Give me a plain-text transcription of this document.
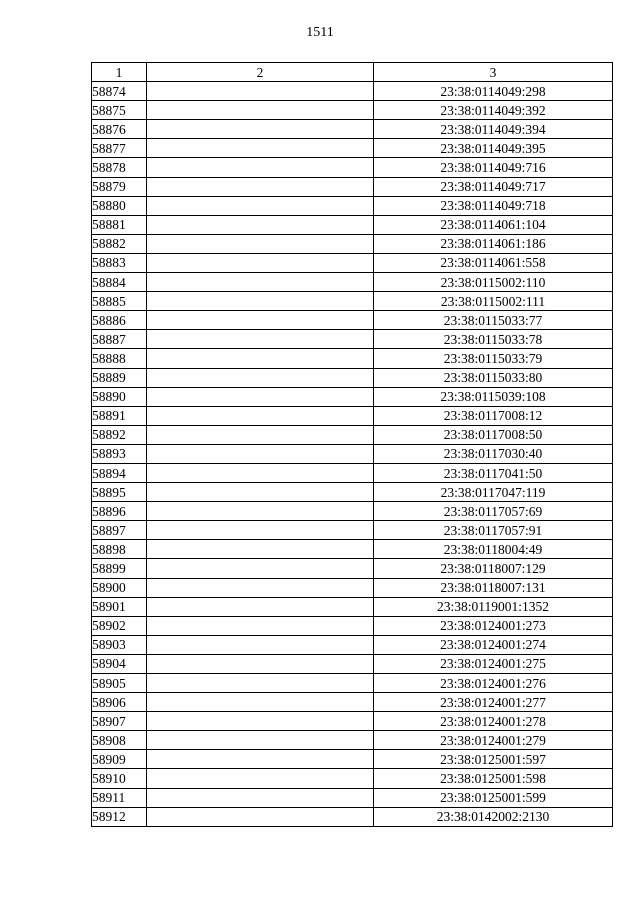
1511
1	2	3
58874		23:38:0114049:298
58875		23:38:0114049:392
58876		23:38:0114049:394
58877		23:38:0114049:395
58878		23:38:0114049:716
58879		23:38:0114049:717
58880		23:38:0114049:718
58881		23:38:0114061:104
58882		23:38:0114061:186
58883		23:38:0114061:558
58884		23:38:0115002:110
58885		23:38:0115002:111
58886		23:38:0115033:77
58887		23:38:0115033:78
58888		23:38:0115033:79
58889		23:38:0115033:80
58890		23:38:0115039:108
58891		23:38:0117008:12
58892		23:38:0117008:50
58893		23:38:0117030:40
58894		23:38:0117041:50
58895		23:38:0117047:119
58896		23:38:0117057:69
58897		23:38:0117057:91
58898		23:38:0118004:49
58899		23:38:0118007:129
58900		23:38:0118007:131
58901		23:38:0119001:1352
58902		23:38:0124001:273
58903		23:38:0124001:274
58904		23:38:0124001:275
58905		23:38:0124001:276
58906		23:38:0124001:277
58907		23:38:0124001:278
58908		23:38:0124001:279
58909		23:38:0125001:597
58910		23:38:0125001:598
58911		23:38:0125001:599
58912		23:38:0142002:2130
